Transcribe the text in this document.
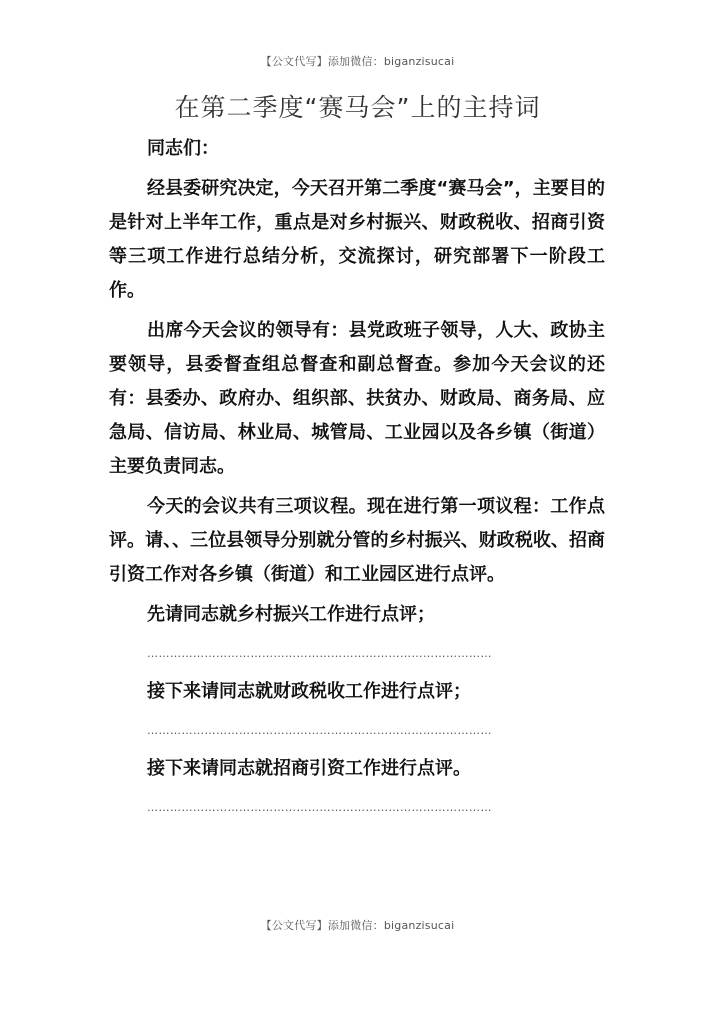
【公文代写】添加微信：biganzisucai
在第二季度“赛马会”上的主持词

同志们：

经县委研究决定，今天召开第二季度“赛马会”，主要目的是针对上半年工作，重点是对乡村振兴、财政税收、招商引资等三项工作进行总结分析，交流探讨，研究部署下一阶段工作。

出席今天会议的领导有：县党政班子领导，人大、政协主要领导，县委督查组总督查和副总督查。参加今天会议的还有：县委办、政府办、组织部、扶贫办、财政局、商务局、应急局、信访局、林业局、城管局、工业园以及各乡镇（街道）主要负责同志。

今天的会议共有三项议程。现在进行第一项议程：工作点评。请、、三位县领导分别就分管的乡村振兴、财政税收、招商引资工作对各乡镇（街道）和工业园区进行点评。

先请同志就乡村振兴工作进行点评；

………………………………………………………………………………

接下来请同志就财政税收工作进行点评；

………………………………………………………………………………

接下来请同志就招商引资工作进行点评。

………………………………………………………………………………

【公文代写】添加微信：biganzisucai
